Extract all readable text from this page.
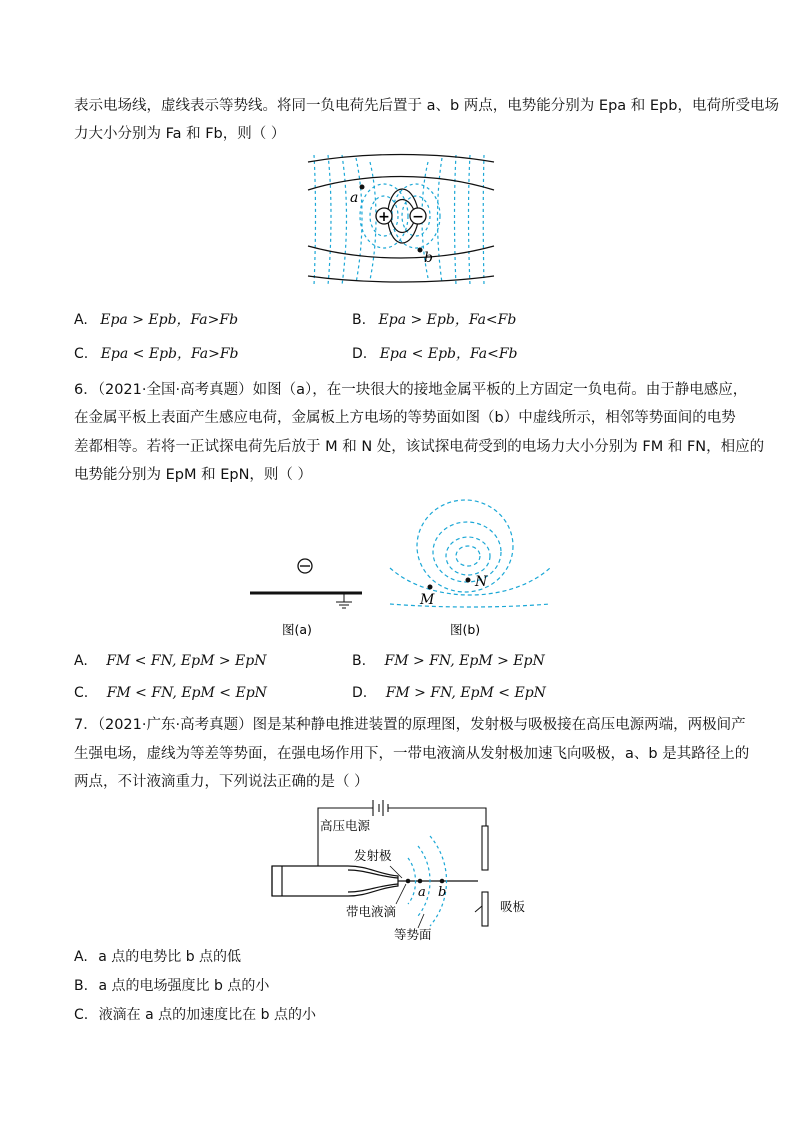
表示电场线，虚线表示等势线。将同一负电荷先后置于 a、b 两点，电势能分别为 Epa 和 Epb，电荷所受电场
力大小分别为 Fa 和 Fb，则（ ）
+ −
a
b
A. Epa > Epb，Fa>Fb	B. Epa > Epb，Fa<Fb
C. Epa < Epb，Fa>Fb	D. Epa < Epb，Fa<Fb
6．（2021·全国·高考真题）如图（a），在一块很大的接地金属平板的上方固定一负电荷。由于静电感应，
在金属平板上表面产生感应电荷，金属板上方电场的等势面如图（b）中虚线所示，相邻等势面间的电势
差都相等。若将一正试探电荷先后放于 M 和 N 处，该试探电荷受到的电场力大小分别为 FM 和 FN，相应的
电势能分别为 EpM 和 EpN，则（ ）
图(a)
M
N
图(b)
A. FM < FN, EpM > EpN	B. FM > FN, EpM > EpN
C. FM < FN, EpM < EpN	D. FM > FN, EpM < EpN
7．（2021·广东·高考真题）图是某种静电推进装置的原理图，发射极与吸极接在高压电源两端，两极间产
生强电场，虚线为等差等势面，在强电场作用下，一带电液滴从发射极加速飞向吸极，a、b 是其路径上的
两点，不计液滴重力，下列说法正确的是（ ）
高压电源
吸板
发射极
带电液滴
a b
等势面
A. a 点的电势比 b 点的低
B. a 点的电场强度比 b 点的小
C. 液滴在 a 点的加速度比在 b 点的小
